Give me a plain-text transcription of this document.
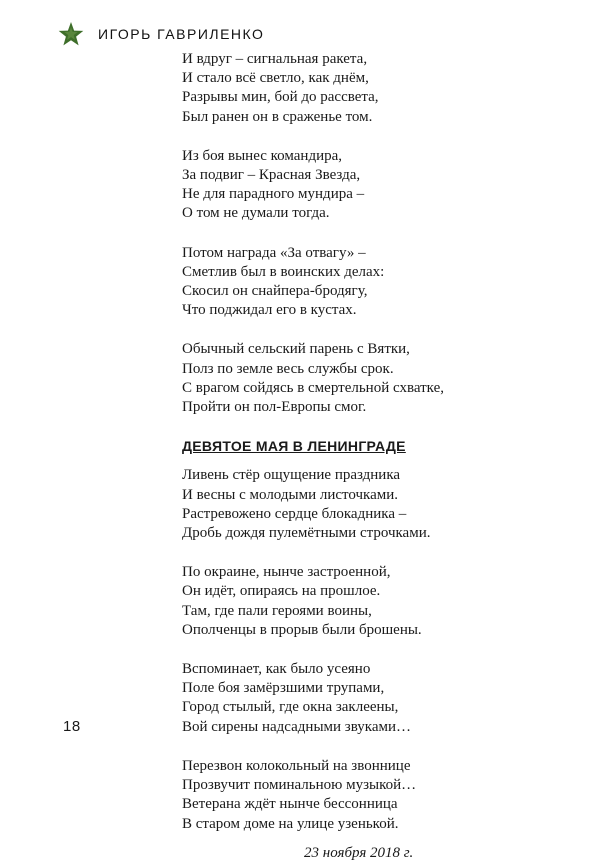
ИГОРЬ ГАВРИЛЕНКО
И вдруг – сигнальная ракета,
И стало всё светло, как днём,
Разрывы мин, бой до рассвета,
Был ранен он в сраженье том.
Из боя вынес командира,
За подвиг – Красная Звезда,
Не для парадного мундира –
О том не думали тогда.
Потом награда «За отвагу» –
Сметлив был в воинских делах:
Скосил он снайпера-бродягу,
Что поджидал его в кустах.
Обычный сельский парень с Вятки,
Полз по земле весь службы срок.
С врагом сойдясь в смертельной схватке,
Пройти он пол-Европы смог.
ДЕВЯТОЕ МАЯ В ЛЕНИНГРАДЕ
Ливень стёр ощущение праздника
И весны с молодыми листочками.
Растревожено сердце блокадника –
Дробь дождя пулемётными строчками.
По окраине, нынче застроенной,
Он идёт, опираясь на прошлое.
Там, где пали героями воины,
Ополченцы в прорыв были брошены.
Вспоминает, как было усеяно
Поле боя замёрзшими трупами,
Город стылый, где окна заклеены,
Вой сирены надсадными звуками…
Перезвон колокольный на звоннице
Прозвучит поминальною музыкой…
Ветерана ждёт нынче бессонница
В старом доме на улице узенькой.
23 ноября 2018 г.
18
